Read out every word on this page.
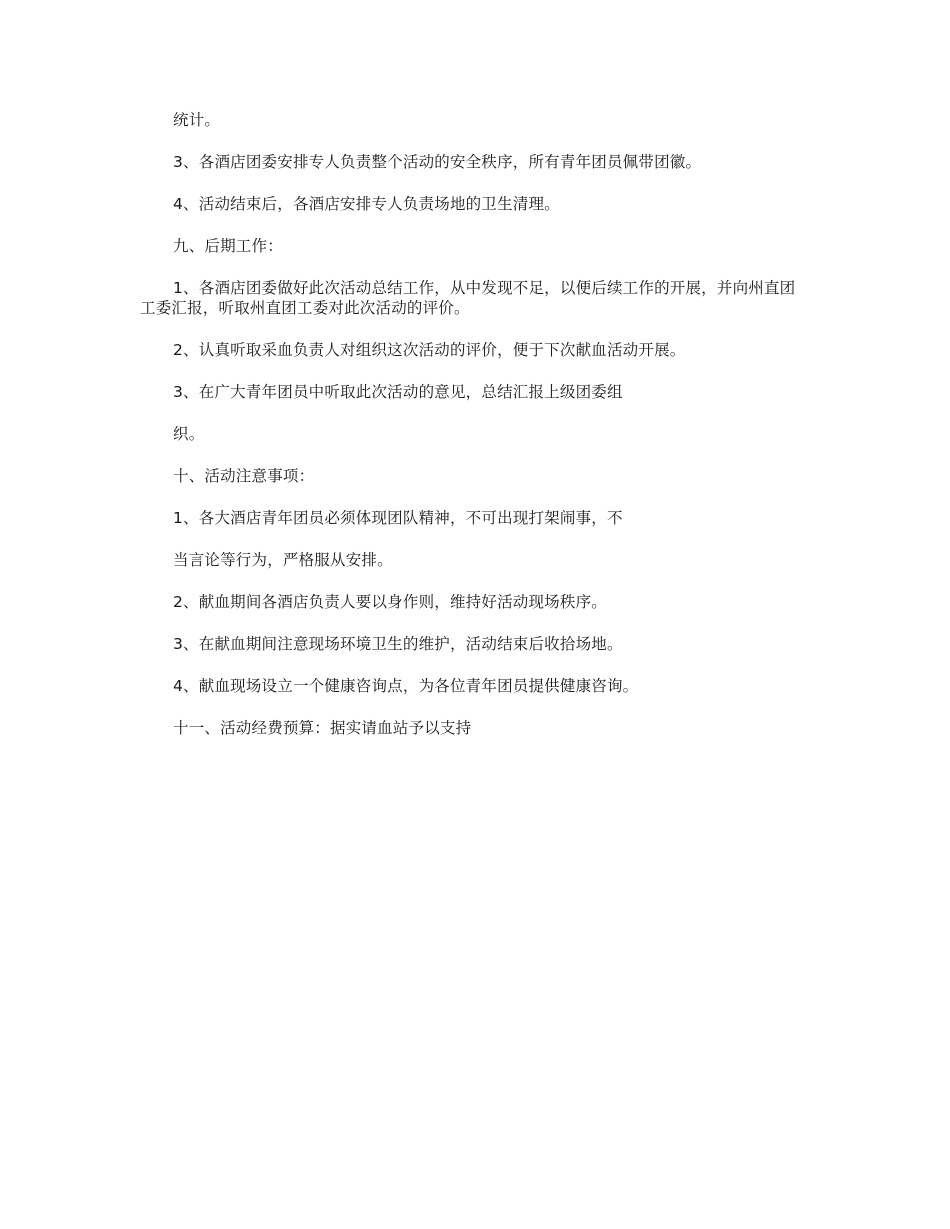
统计。

3、各酒店团委安排专人负责整个活动的安全秩序，所有青年团员佩带团徽。

4、活动结束后，各酒店安排专人负责场地的卫生清理。

九、后期工作：

1、各酒店团委做好此次活动总结工作，从中发现不足，以便后续工作的开展，并向州直团工委汇报，听取州直团工委对此次活动的评价。

2、认真听取采血负责人对组织这次活动的评价，便于下次献血活动开展。

3、在广大青年团员中听取此次活动的意见，总结汇报上级团委组

织。

十、活动注意事项：

1、各大酒店青年团员必须体现团队精神，不可出现打架闹事，不

当言论等行为，严格服从安排。

2、献血期间各酒店负责人要以身作则，维持好活动现场秩序。

3、在献血期间注意现场环境卫生的维护，活动结束后收拾场地。

4、献血现场设立一个健康咨询点，为各位青年团员提供健康咨询。

十一、活动经费预算：据实请血站予以支持
